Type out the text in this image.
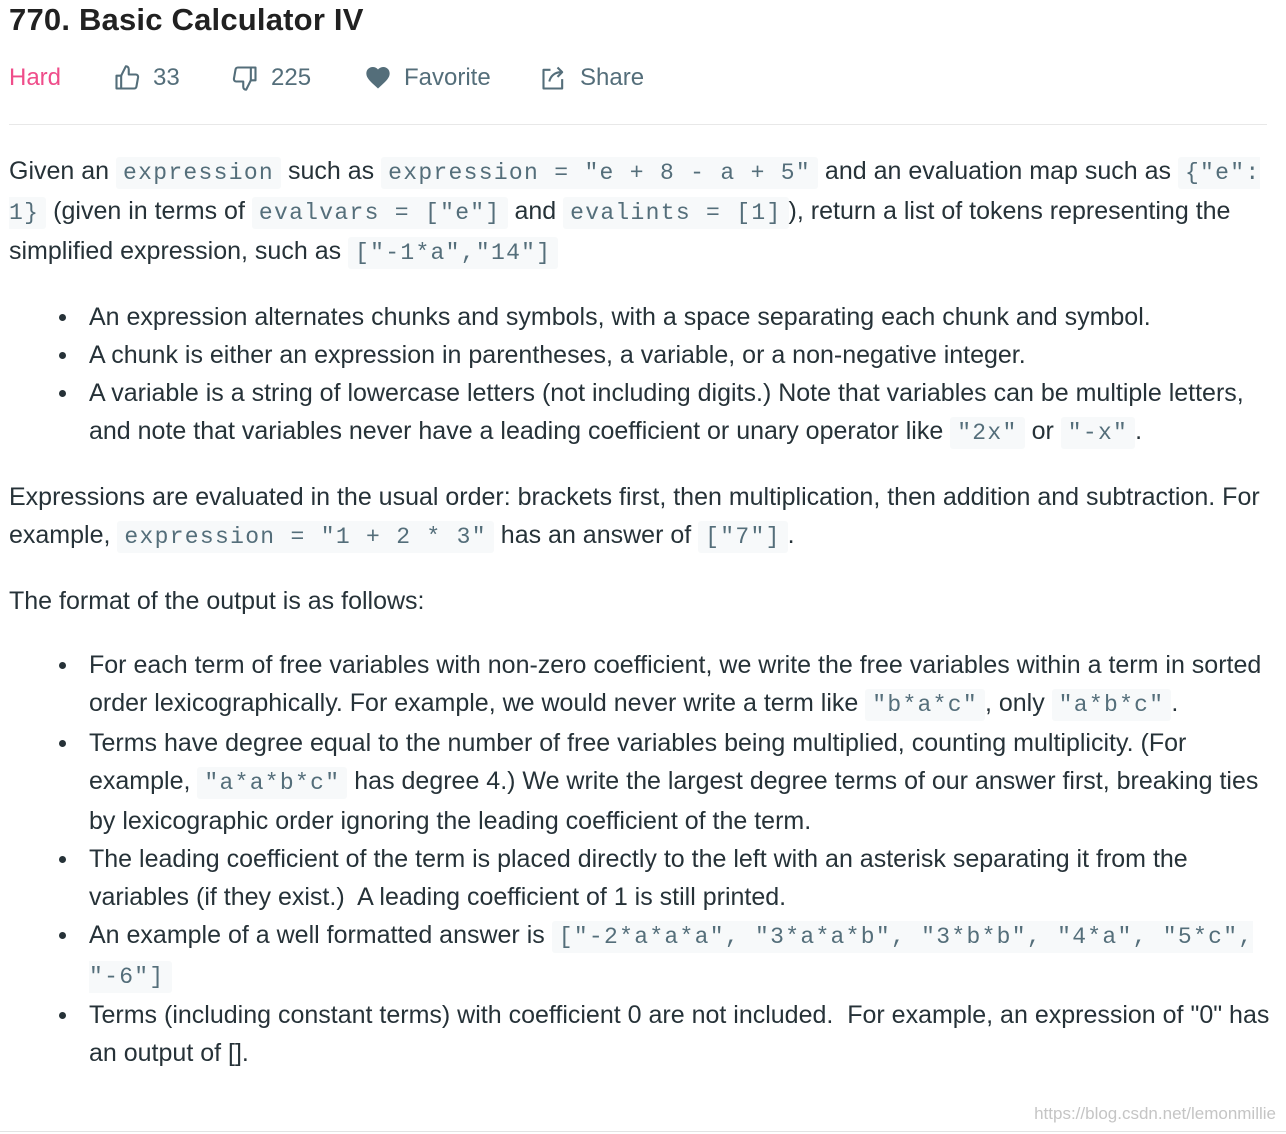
770. Basic Calculator IV
Hard	33	225	Favorite	Share

Given an expression such as expression = "e + 8 - a + 5" and an evaluation map such as {"e": 1} (given in terms of evalvars = ["e"] and evalints = [1] ), return a list of tokens representing the simplified expression, such as ["-1*a","14"]

An expression alternates chunks and symbols, with a space separating each chunk and symbol.
A chunk is either an expression in parentheses, a variable, or a non-negative integer.
A variable is a string of lowercase letters (not including digits.) Note that variables can be multiple letters, and note that variables never have a leading coefficient or unary operator like "2x" or "-x" .

Expressions are evaluated in the usual order: brackets first, then multiplication, then addition and subtraction. For example, expression = "1 + 2 * 3" has an answer of ["7"] .

The format of the output is as follows:

For each term of free variables with non-zero coefficient, we write the free variables within a term in sorted order lexicographically. For example, we would never write a term like "b*a*c" , only "a*b*c" .
Terms have degree equal to the number of free variables being multiplied, counting multiplicity. (For example, "a*a*b*c" has degree 4.) We write the largest degree terms of our answer first, breaking ties by lexicographic order ignoring the leading coefficient of the term.
The leading coefficient of the term is placed directly to the left with an asterisk separating it from the variables (if they exist.)  A leading coefficient of 1 is still printed.
An example of a well formatted answer is ["-2*a*a*a", "3*a*a*b", "3*b*b", "4*a", "5*c", "-6"]
Terms (including constant terms) with coefficient 0 are not included.  For example, an expression of "0" has an output of [].
https://blog.csdn.net/lemonmillie
